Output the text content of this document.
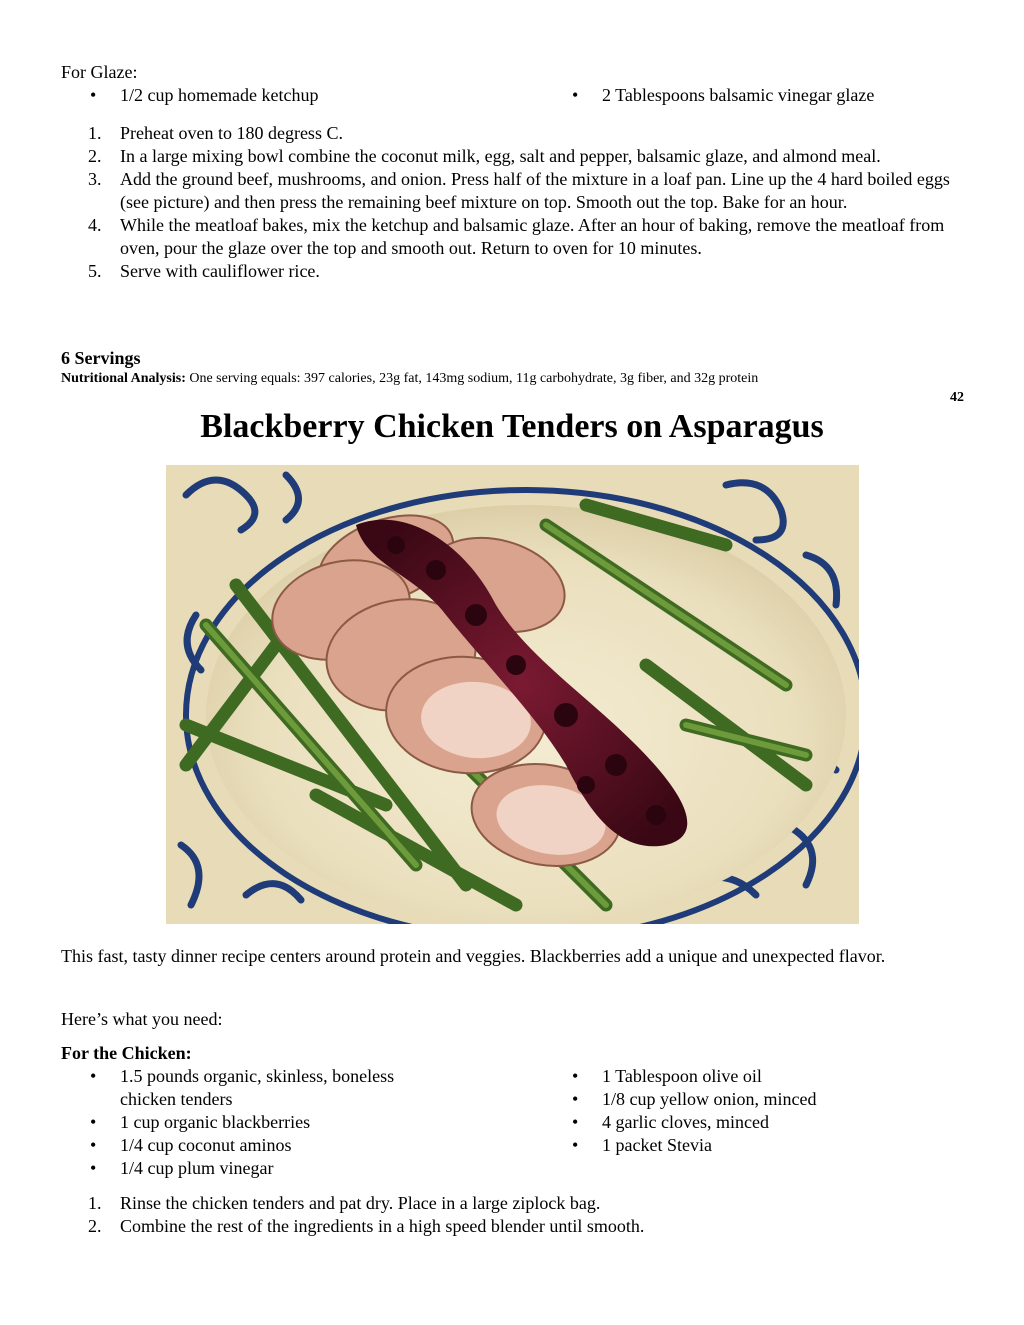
For Glaze:
• 1/2 cup homemade ketchup
•	2 Tablespoons balsamic vinegar glaze
1. Preheat oven to 180 degress C.
2. In a large mixing bowl combine the coconut milk, egg, salt and pepper, balsamic glaze, and almond meal.
3. Add the ground beef, mushrooms, and onion. Press half of the mixture in a loaf pan. Line up the 4 hard boiled eggs (see picture) and then press the remaining beef mixture on top. Smooth out the top. Bake for an hour.
4. While the meatloaf bakes, mix the ketchup and balsamic glaze. After an hour of baking, remove the meatloaf from oven, pour the glaze over the top and smooth out. Return to oven for 10 minutes.
5. Serve with cauliflower rice.
6 Servings
Nutritional Analysis: One serving equals: 397 calories, 23g fat, 143mg sodium, 11g carbohydrate, 3g fiber, and 32g protein
42
Blackberry Chicken Tenders on Asparagus
This fast, tasty dinner recipe centers around protein and veggies. Blackberries add a unique and unexpected flavor.
Here’s what you need:
For the Chicken:
• 1.5 pounds organic, skinless, boneless chicken tenders
• 1 cup organic blackberries
• 1/4 cup coconut aminos
• 1/4 cup plum vinegar
• 1 Tablespoon olive oil
• 1/8 cup yellow onion, minced
• 4 garlic cloves, minced
• 1 packet Stevia
1. Rinse the chicken tenders and pat dry. Place in a large ziplock bag.
2. Combine the rest of the ingredients in a high speed blender until smooth.
